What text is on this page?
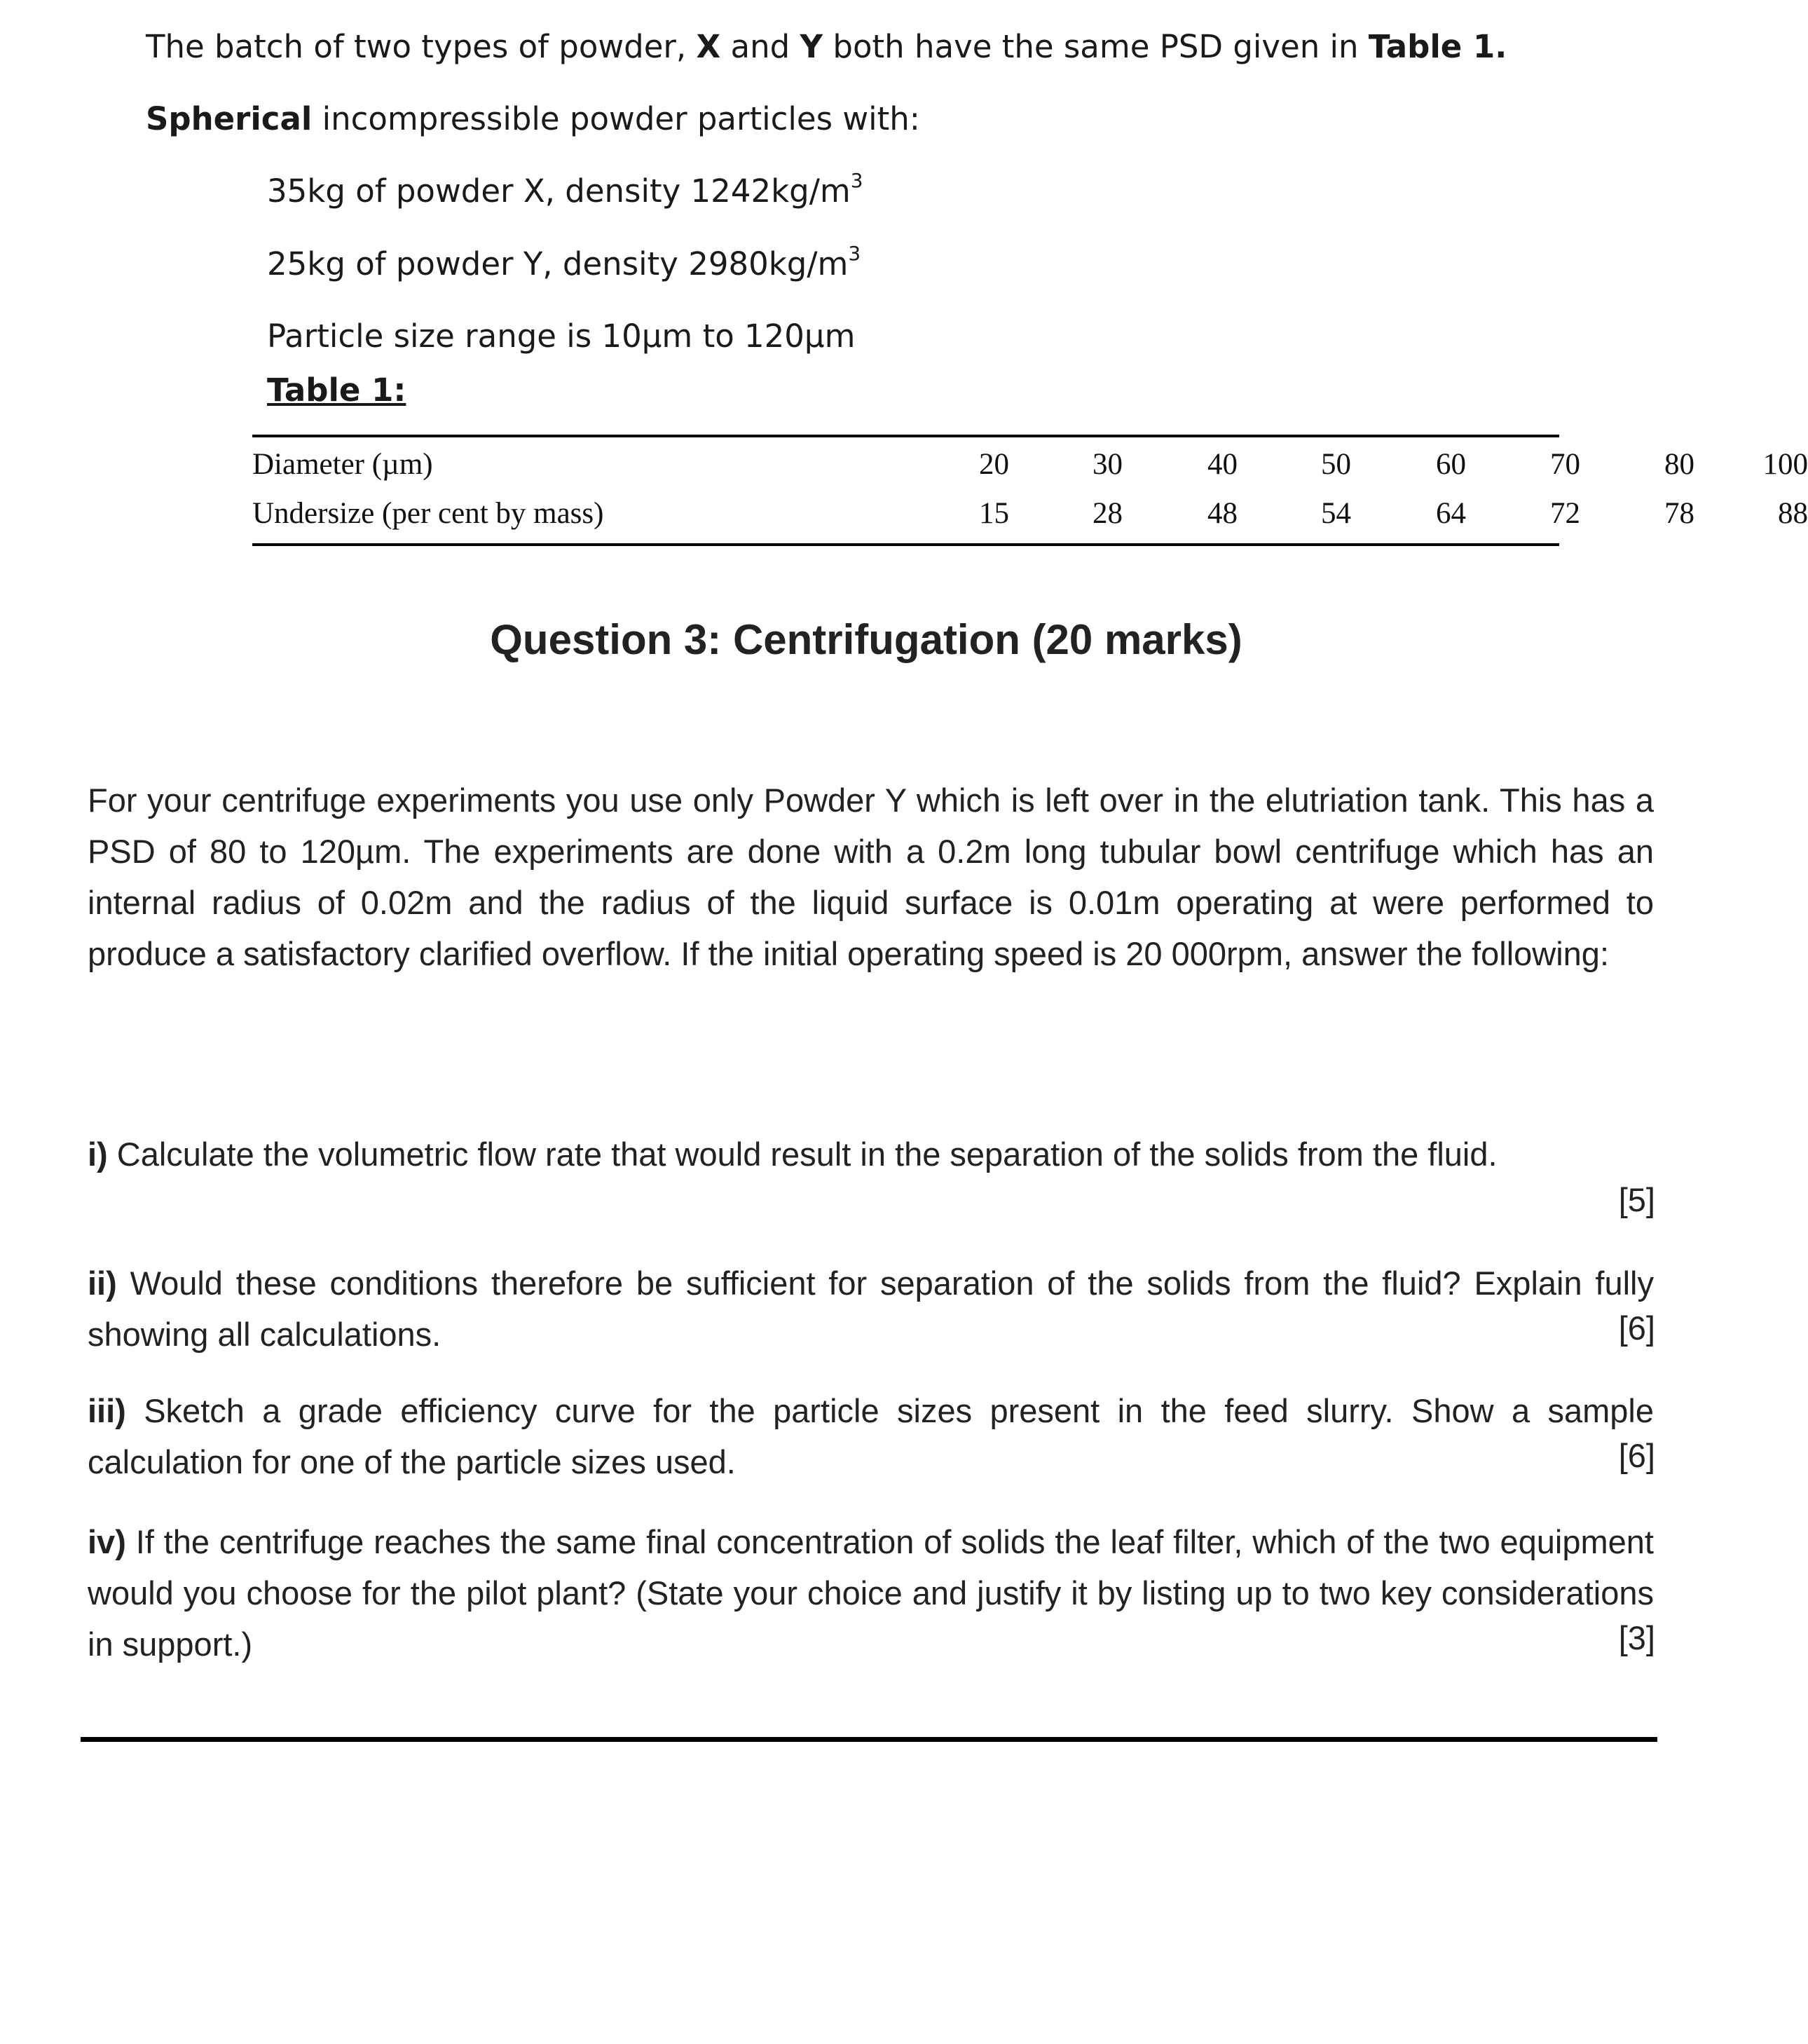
The batch of two types of powder, X and Y both have the same PSD given in Table 1.
Spherical incompressible powder particles with:
35kg of powder X, density $1242kg/m^3$
25kg of powder Y, density $2980kg/m^3$
Particle size range is 10µm to 120µm
Table 1:
Diameter (µm)	20	30	40	50	60	70	80	100
Undersize (per cent by mass)	15	28	48	54	64	72	78	88
Question 3: Centrifugation (20 marks)
For your centrifuge experiments you use only Powder Y which is left over in the elutriation tank. This has a PSD of 80 to 120µm. The experiments are done with a 0.2m long tubular bowl centrifuge which has an internal radius of 0.02m and the radius of the liquid surface is 0.01m operating at were performed to produce a satisfactory clarified overflow. If the initial operating speed is 20 000rpm, answer the following:
i) Calculate the volumetric flow rate that would result in the separation of the solids from the fluid.
[5]
ii) Would these conditions therefore be sufficient for separation of the solids from the fluid? Explain fully showing all calculations.	[6]
iii) Sketch a grade efficiency curve for the particle sizes present in the feed slurry. Show a sample calculation for one of the particle sizes used.	[6]
iv) If the centrifuge reaches the same final concentration of solids the leaf filter, which of the two equipment would you choose for the pilot plant? (State your choice and justify it by listing up to two key considerations in support.)	[3]
